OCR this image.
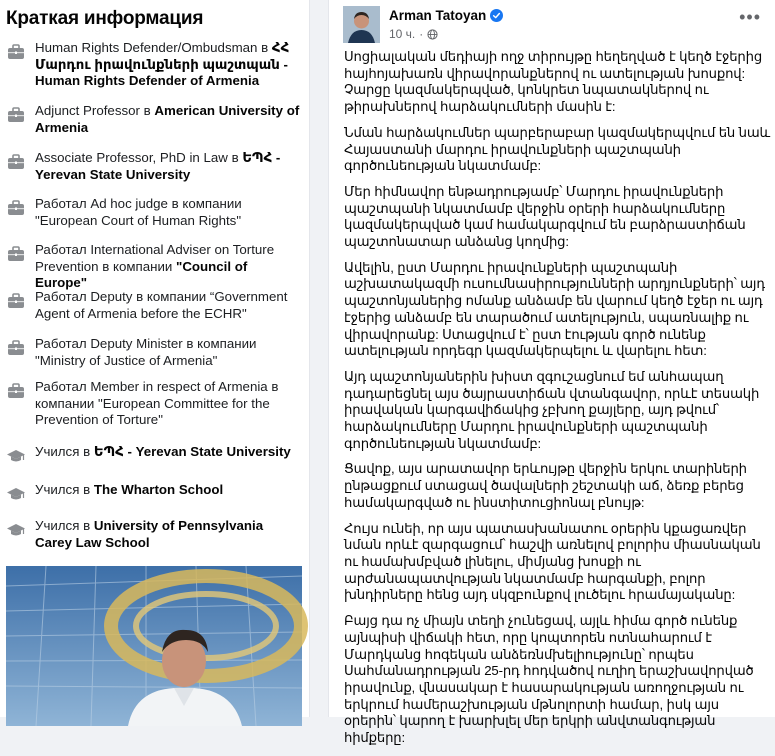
Краткая информация
Human Rights Defender/Ombudsman в ՀՀ Մարդու իրավունքների պաշտպան - Human Rights Defender of Armenia
Adjunct Professor в American University of Armenia
Associate Professor, PhD in Law в ԵՊՀ - Yerevan State University
Работал Ad hoc judge в компании "European Court of Human Rights"
Работал International Adviser on Torture Prevention в компании "Council of Europe"
Работал Deputy в компании “Government Agent of Armenia before the ECHR"
Работал Deputy Minister в компании "Ministry of Justice of Armenia"
Работал Member in respect of Armenia в компании "European Committee for the Prevention of Torture"
Учился в ԵՊՀ - Yerevan State University
Учился в The Wharton School
Учился в University of Pennsylvania Carey Law School
Arman Tatoyan
10 ч. ·
•••
Սոցիալական մեդիայի ողջ տիրույթը հեղեղված է կեղծ էջերից հայհոյախառն վիրավորանքներով ու ատելության խոսքով: Չարցը կազմակերպված, կոնկրետ նպատակներով ու թիրախներով հարձակումների մասին է:
Նման հարձակումներ պարբերաբար կազմակերպվում են նաև Հայաստանի մարդու իրավունքների պաշտպանի գործունեության նկատմամբ:
Մեր հիմնավոր ենթադրությամբ՝ Մարդու իրավունքների պաշտպանի նկատմամբ վերջին օրերի հարձակումները կազմակերպված կամ համակարգվում են բարձրաստիճան պաշտոնատար անձանց կողմից:
Ավելին, ըստ Մարդու իրավունքների պաշտպանի աշխատակազմի ուսումնասիրությունների արդյունքների՝ այդ պաշտոնյաներից ոմանք անձամբ են վարում կեղծ էջեր ու այդ էջերից անձամբ են տարածում ատելություն, սպառնալիք ու վիրավորանք: Ստացվում է՝ ըստ էության գործ ունենք ատելության որդեգր կազմակերպելու և վարելու հետ:
Այդ պաշտոնյաներին խիստ զգուշացնում եմ անհապաղ դադարեցնել այս ծայրաստիճան վտանգավոր, որևէ տեսակի իրավական կարգավիճակից չբխող քայլերը, այդ թվում՝ հարձակումները Մարդու իրավունքների պաշտպանի գործունեության նկատմամբ:
Ցավոք, այս արատավոր երևույթը վերջին երկու տարիների ընթացքում ստացավ ծավալների շեշտակի աճ, ձեռք բերեց համակարգված ու ինստիտուցիոնալ բնույթ:
Հույս ունեի, որ այս պատասխանատու օրերին կքացառվեր նման որևէ զարգացում՝ հաշվի առնելով բոլորիս միասնական ու համախմբված լինելու, միմյանց խոսքի ու արժանապատվության նկատմամբ հարգանքի, բոլոր խնդիրները հենց այդ սկզբունքով լուծելու հրամայականը:
Բայց դա ոչ միայն տեղի չունեցավ, այլև հիմա գործ ունենք այնպիսի վիճակի հետ, որը կոպտորեն ոտնահարում է Մարդկանց հոգեկան անձեռնմխելիությունը՝ որպես Սահմանադրության 25-րդ հոդվածով ուղիղ երաշխավորված իրավունք, վնասակար է հասարակության առողջության ու երկրում համերաշխության մթնոլորտի համար, իսկ այս օրերին՝ կարող է խարխլել մեր երկրի անվտանգության հիմքերը:
